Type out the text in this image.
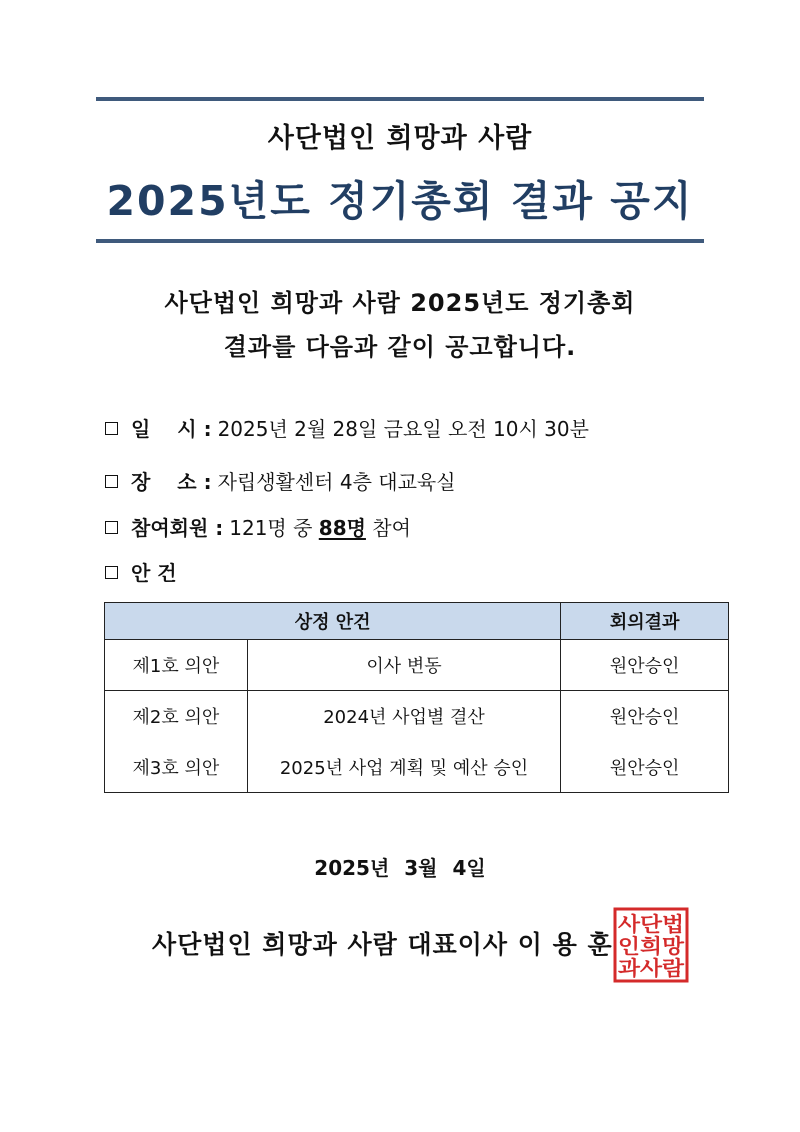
사단법인 희망과 사람
2025년도 정기총회 결과 공지
사단법인 희망과 사람 2025년도 정기총회
결과를 다음과 같이 공고합니다.
일　 시 : 2025년 2월 28일 금요일 오전 10시 30분
장　 소 : 자립생활센터 4층 대교육실
참여회원 : 121명 중 88명 참여
안 건
상정 안건		회의결과
제1호 의안	이사 변동	원안승인
제2호 의안	2024년 사업별 결산	원안승인
제3호 의안	2025년 사업 계획 및 예산 승인	원안승인
2025년 3월 4일
사단법인 희망과 사람 대표이사 이 용 훈
사단법
인희망
과사람
